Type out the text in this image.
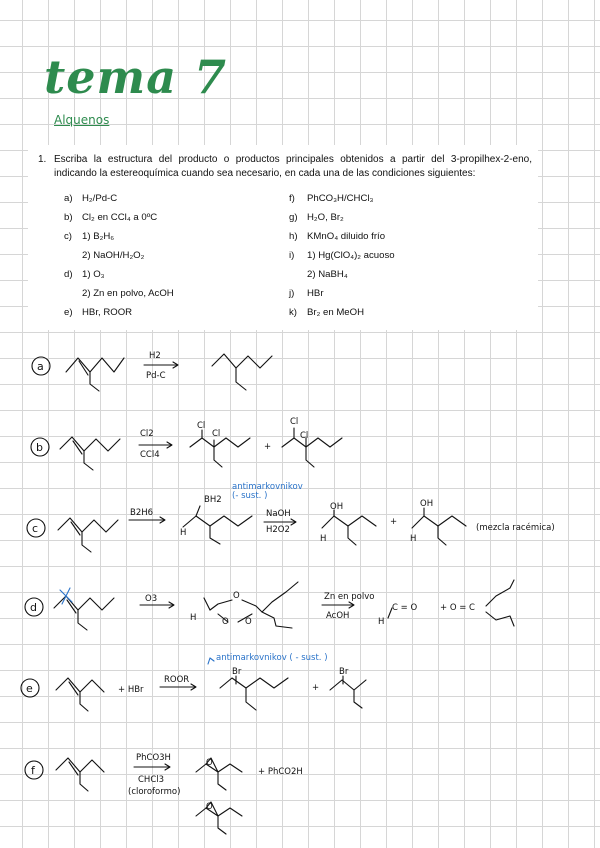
tema 7
Alquenos
1. Escriba la estructura del producto o productos principales obtenidos a partir del 3-propilhex-2-eno, indicando la estereoquímica cuando sea necesario, en cada una de las condiciones siguientes:
a) H₂/Pd-C
b) Cl₂ en CCl₄ a 0ºC
c) 1) B₂H₆
2) NaOH/H₂O₂
d) 1) O₃
2) Zn en polvo, AcOH
e) HBr, ROOR
f) PhCO₃H/CHCl₃
g) H₂O, Br₂
h) KMnO₄ diluido frío
i) 1) Hg(ClO₄)₂ acuoso
2) NaBH₄
j) HBr
k) Br₂ en MeOH
a
H2
Pd-C
b
Cl2
CCl4
+
Cl
Cl
Cl
Cl
c
B2H6
BH2
antimarkovnikov
(- sust. )
NaOH
H2O2
H
OH
H
+
OH
H
(mezcla racémica)
d
O3
H
O
O O
Zn en polvo
AcOH
H
C = O	+ O = C
e	+ HBr
ROOR
antimarkovnikov ( - sust. )
Br
+
Br
f
PhCO3H
CHCl3
(cloroformo)
+ PhCO2H
O
O
